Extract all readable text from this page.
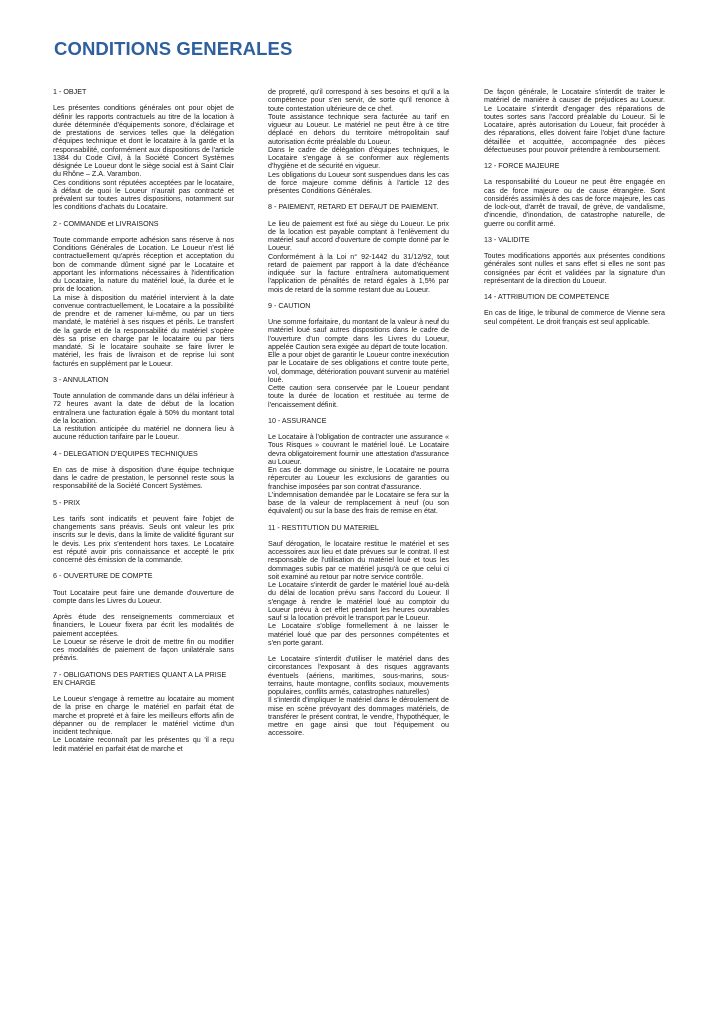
CONDITIONS GENERALES

1 - OBJET

Les présentes conditions générales ont pour objet de définir les rapports contractuels au titre de la location à durée déterminée d'équipements sonore, d'éclairage et de prestations de services telles que la délégation d'équipes technique et dont le locataire à la garde et la responsabilité, conformément aux dispositions de l'article 1384 du Code Civil, à la Société Concert Systèmes désignée Le Loueur dont le siège social est à Saint Clair du Rhône – Z.A. Varambon.

Ces conditions sont réputées acceptées par le locataire, à défaut de quoi le Loueur n'aurait pas contracté et prévalent sur toutes autres dispositions, notamment sur les conditions d'achats du Locataire.

2 - COMMANDE et LIVRAISONS

Toute commande emporte adhésion sans réserve à nos Conditions Générales de Location. Le Loueur n'est lié contractuellement qu'après réception et acceptation du bon de commande dûment signé par le Locataire et apportant les informations nécessaires à l'identification du Locataire, la nature du matériel loué, la durée et le prix de location.

La mise à disposition du matériel intervient à la date convenue contractuellement, le Locataire a la possibilité de prendre et de ramener lui-même, ou par un tiers mandaté, le matériel à ses risques et périls. Le transfert de la garde et de la responsabilité du matériel s'opère dès sa prise en charge par le locataire ou par tiers mandaté. Si le locataire souhaite se faire livrer le matériel, les frais de livraison et de reprise lui sont facturés en supplément par le Loueur.

3 - ANNULATION

Toute annulation de commande dans un délai inférieur à 72 heures avant la date de début de la location entraînera une facturation égale à 50% du montant total de la location.

La restitution anticipée du matériel ne donnera lieu à aucune réduction tarifaire par le Loueur.

4 - DELEGATION D'EQUIPES TECHNIQUES

En cas de mise à disposition d'une équipe technique dans le cadre de prestation, le personnel reste sous la responsabilité de la Société Concert Systèmes.

5 - PRIX

Les tarifs sont indicatifs et peuvent faire l'objet de changements sans préavis. Seuls ont valeur les prix inscrits sur le devis, dans la limite de validité figurant sur le devis. Les prix s'entendent hors taxes. Le Locataire est réputé avoir pris connaissance et accepté le prix concerné dès émission de la commande.

6 - OUVERTURE DE COMPTE

Tout Locataire peut faire une demande d'ouverture de compte dans les Livres du Loueur.

Après étude des renseignements commerciaux et financiers, le Loueur fixera par écrit les modalités de paiement acceptées.

Le Loueur se réserve le droit de mettre fin ou modifier ces modalités de paiement de façon unilatérale sans préavis.

7 - OBLIGATIONS DES PARTIES QUANT A LA PRISE EN CHARGE

Le Loueur s'engage à remettre au locataire au moment de la prise en charge le matériel en parfait état de marche et propreté et à faire les meilleurs efforts afin de dépanner ou de remplacer le matériel victime d'un incident technique.

Le Locataire reconnaît par les présentes qu 'il a reçu ledit matériel en parfait état de marche et

de propreté, qu'il correspond à ses besoins et qu'il a la compétence pour s'en servir, de sorte qu'il renonce à toute contestation ultérieure de ce chef.

Toute assistance technique sera facturée au tarif en vigueur au Loueur. Le matériel ne peut être à ce titre déplacé en dehors du territoire métropolitain sauf autorisation écrite préalable du Loueur.

Dans le cadre de délégation d'équipes techniques, le Locataire s'engage à se conformer aux règlements d'hygiène et de sécurité en vigueur.

Les obligations du Loueur sont suspendues dans les cas de force majeure comme définis à l'article 12 des présentes Conditions Générales.

8 - PAIEMENT, RETARD ET DEFAUT DE PAIEMENT.

Le lieu de paiement est fixé au siège du Loueur. Le prix de la location est payable comptant à l'enlèvement du matériel sauf accord d'ouverture de compte donné par le Loueur.

Conformément à la Loi n° 92-1442 du 31/12/92, tout retard de paiement par rapport à la date d'échéance indiquée sur la facture entraînera automatiquement l'application de pénalités de retard égales à 1,5% par mois de retard de la somme restant due au Loueur.

9 - CAUTION

Une somme forfaitaire, du montant de la valeur à neuf du matériel loué sauf autres dispositions dans le cadre de l'ouverture d'un compte dans les Livres du Loueur, appelée Caution sera exigée au départ de toute location.

Elle a pour objet de garantir le Loueur contre inexécution par le Locataire de ses obligations et contre toute perte, vol, dommage, détérioration pouvant survenir au matériel loué.

Cette caution sera conservée par le Loueur pendant toute la durée de location et restituée au terme de l'encaissement définit.

10 - ASSURANCE

Le Locataire à l'obligation de contracter une assurance « Tous Risques » couvrant le matériel loué. Le Locataire devra obligatoirement fournir une attestation d'assurance au Loueur.

En cas de dommage ou sinistre, le Locataire ne pourra répercuter au Loueur les exclusions de garanties ou franchise imposées par son contrat d'assurance.

L'indemnisation demandée par le Locataire se fera sur la base de la valeur de remplacement à neuf (ou son équivalent) ou sur la base des frais de remise en état.

11 - RESTITUTION DU MATERIEL

Sauf dérogation, le locataire restitue le matériel et ses accessoires aux lieu et date prévues sur le contrat. Il est responsable de l'utilisation du matériel loué et tous les dommages subis par ce matériel jusqu'à ce que celui ci soit examiné au retour par notre service contrôle.

Le Locataire s'interdit de garder le matériel loué au-delà du délai de location prévu sans l'accord du Loueur. Il s'engage à rendre le matériel loué au comptoir du Loueur prévu à cet effet pendant les heures ouvrables sauf si la location prévoit le transport par le Loueur.

Le Locataire s'oblige formellement à ne laisser le matériel loué que par des personnes compétentes et s'en porte garant.

Le Locataire s'interdit d'utiliser le matériel dans des circonstances l'exposant à des risques aggravants éventuels (aériens, maritimes, sous-marins, sous-terrains, haute montagne, conflits sociaux, mouvements populaires, conflits armés, catastrophes naturelles)

Il s'interdit d'impliquer le matériel dans le déroulement de mise en scène prévoyant des dommages matériels, de transférer le présent contrat, le vendre, l'hypothéquer, le mettre en gage ainsi que tout l'équipement ou accessoire.

De façon générale, le Locataire s'interdit de traiter le matériel de manière à causer de préjudices au Loueur. Le Locataire s'interdit d'engager des réparations de toutes sortes sans l'accord préalable du Loueur. Si le Locataire, après autorisation du Loueur, fait procéder à des réparations, elles doivent faire l'objet d'une facture détaillée et acquittée, accompagnée des pièces défectueuses pour pouvoir prétendre à remboursement.

12 - FORCE MAJEURE

La responsabilité du Loueur ne peut être engagée en cas de force majeure ou de cause étrangère. Sont considérés assimilés à des cas de force majeure, les cas de lock-out, d'arrêt de travail, de grève, de vandalisme, d'incendie, d'inondation, de catastrophe naturelle, de guerre ou conflit armé.

13 - VALIDITE

Toutes modifications apportés aux présentes conditions générales sont nulles et sans effet si elles ne sont pas consignées par écrit et validées par la signature d'un représentant de la direction du Loueur.

14 - ATTRIBUTION DE COMPETENCE

En cas de litige, le tribunal de commerce de Vienne sera seul compétent. Le droit français est seul applicable.
